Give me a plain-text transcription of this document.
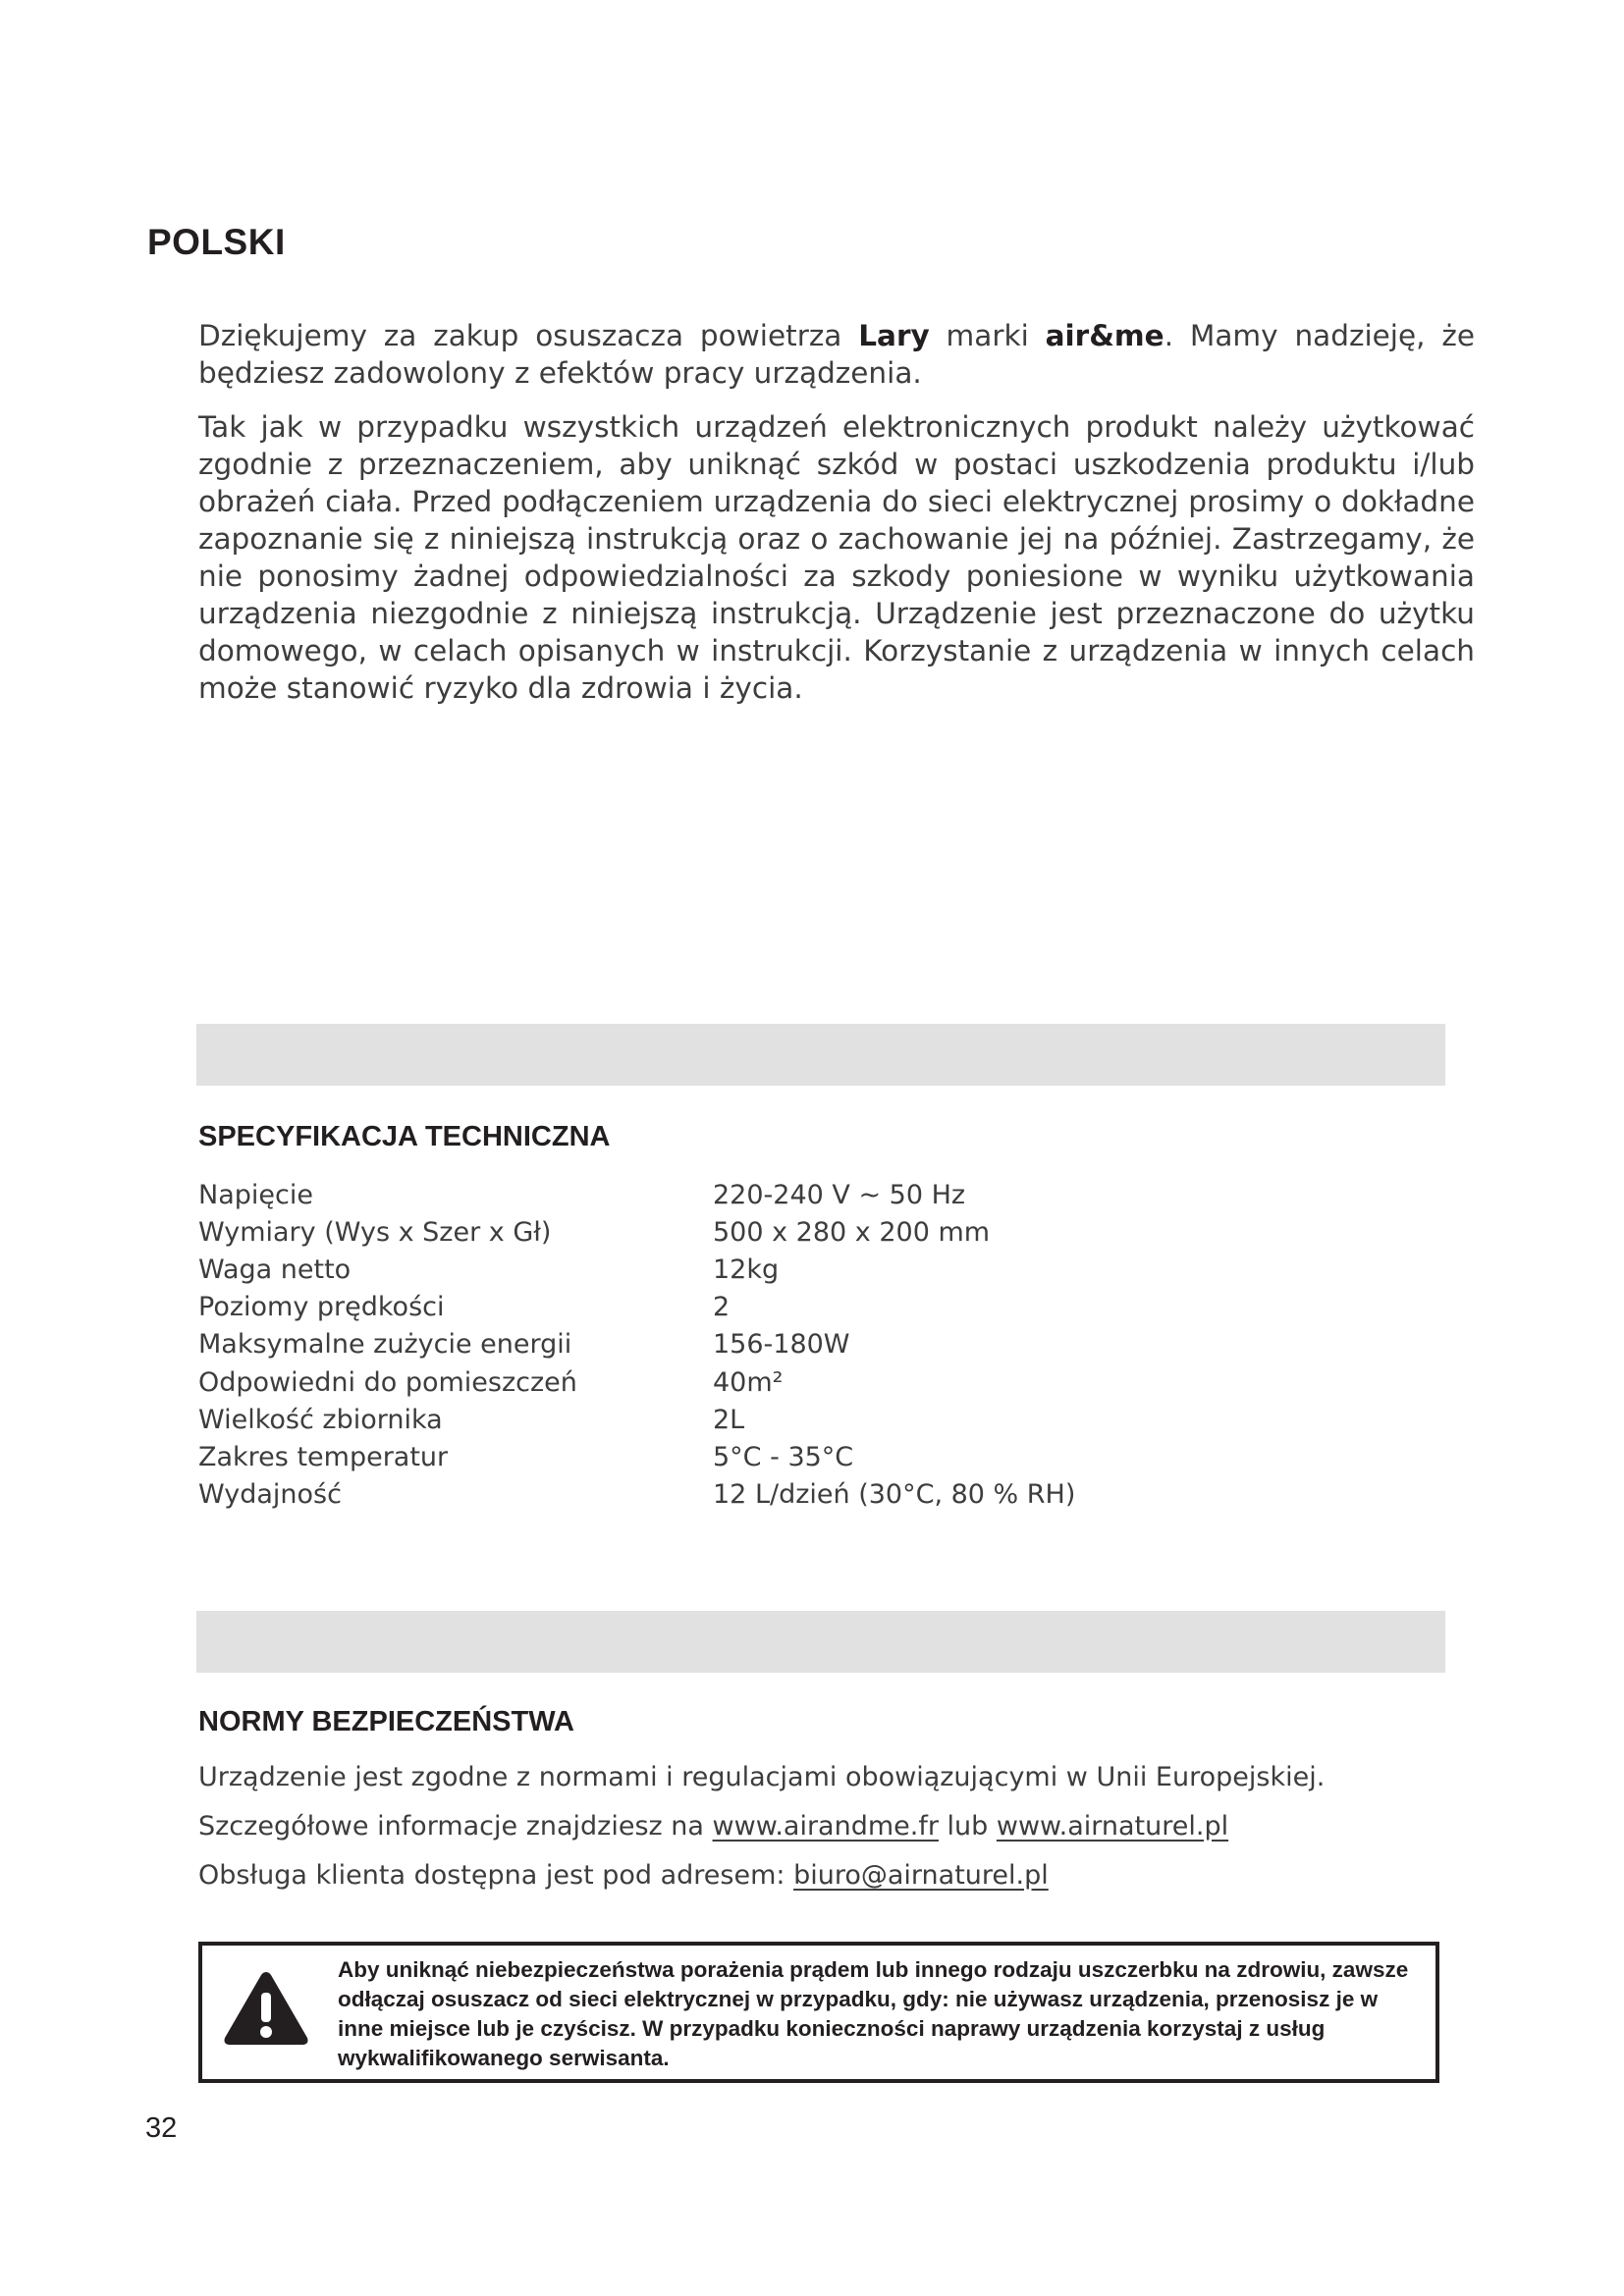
POLSKI

Dziękujemy za zakup osuszacza powietrza Lary marki air&me. Mamy nadzieję, że będziesz zadowolony z efektów pracy urządzenia.

Tak jak w przypadku wszystkich urządzeń elektronicznych produkt należy użytkować zgodnie z przeznaczeniem, aby uniknąć szkód w postaci uszkodzenia produktu i/lub obrażeń ciała. Przed podłączeniem urządzenia do sieci elektrycznej prosimy o dokładne zapoznanie się z niniejszą instrukcją oraz o zachowanie jej na później. Zastrzegamy, że nie ponosimy żadnej odpowiedzialności za szkody poniesione w wyniku użytkowania urządzenia niezgodnie z niniejszą instrukcją. Urządzenie jest przeznaczone do użytku domowego, w celach opisanych w instrukcji. Korzystanie z urządzenia w innych celach może stanowić ryzyko dla zdrowia i życia.

SPECYFIKACJA TECHNICZNA
Napięcie	220-240 V ~ 50 Hz
Wymiary (Wys x Szer x Gł)	500 x 280 x 200 mm
Waga netto	12kg
Poziomy prędkości	2
Maksymalne zużycie energii	156-180W
Odpowiedni do pomieszczeń	40m²
Wielkość zbiornika	2L
Zakres temperatur	5°C - 35°C
Wydajność	12 L/dzień (30°C, 80 % RH)
NORMY BEZPIECZEŃSTWA

Urządzenie jest zgodne z normami i regulacjami obowiązującymi w Unii Europejskiej.

Szczegółowe informacje znajdziesz na www.airandme.fr lub www.airnaturel.pl

Obsługa klienta dostępna jest pod adresem: biuro@airnaturel.pl

Aby uniknąć niebezpieczeństwa porażenia prądem lub innego rodzaju uszczerbku na zdrowiu, zawsze odłączaj osuszacz od sieci elektrycznej w przypadku, gdy: nie używasz urządzenia, przenosisz je w inne miejsce lub je czyścisz. W przypadku konieczności naprawy urządzenia korzystaj z usług wykwalifikowanego serwisanta.

32
